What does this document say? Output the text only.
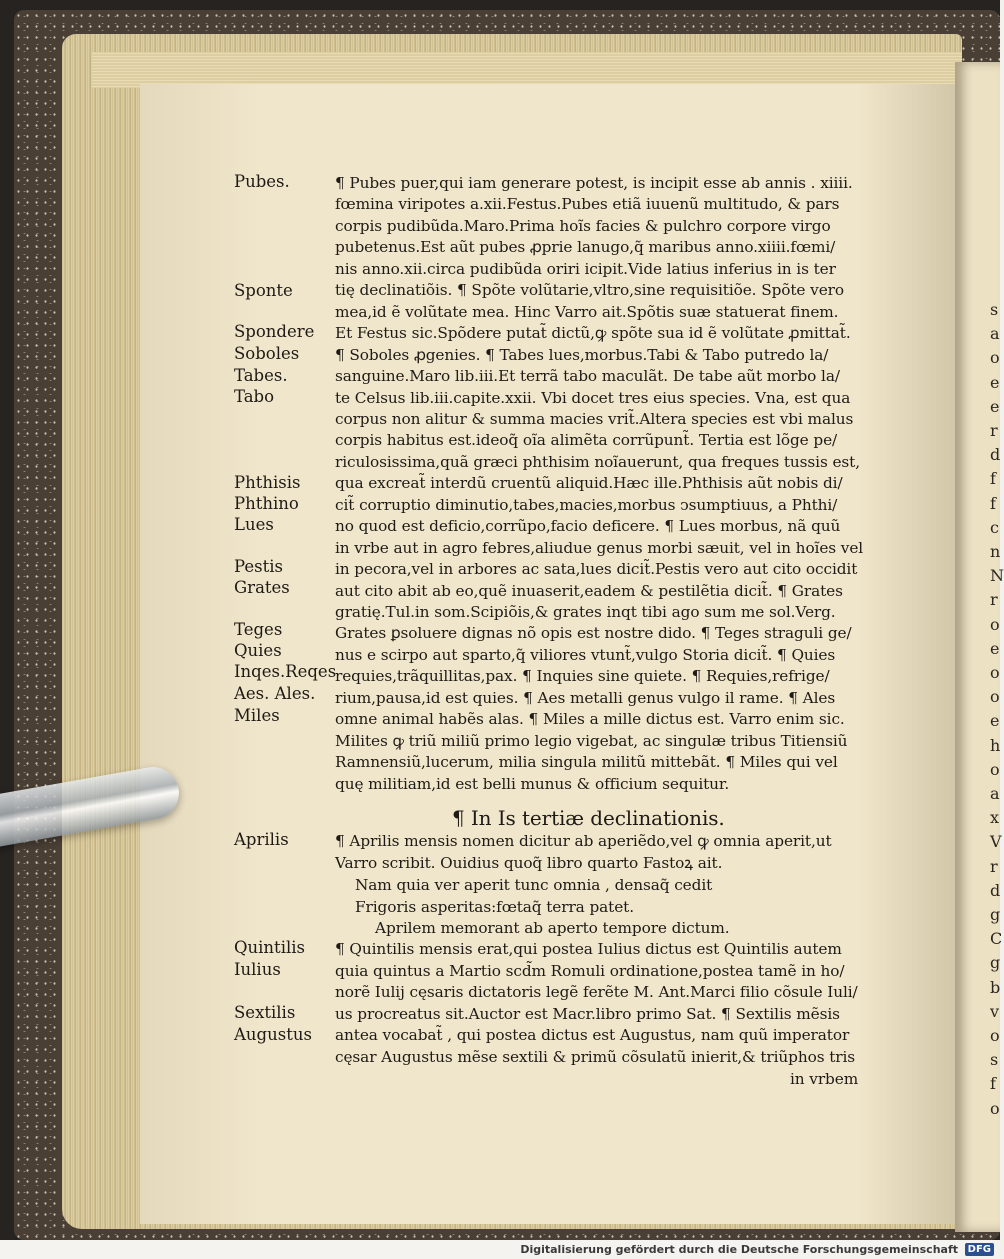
s
a
o
e
e
r
d
f
f
c
n
N
r
o
e
o
o
e
h
o
a
x
V
r
d
g
C
g
b
v
o
s
f
o
Pubes.
Sponte
Spondere
Soboles
Tabes.
Tabo
Phthisis
Phthino
Lues
Pestis
Grates
Teges
Quies
Inqes.Reqes
Aes. Ales.
Miles
Aprilis
Quintilis
Iulius
Sextilis
Augustus
¶ Pubes puer,qui iam generare potest, is incipit esse ab annis . xiiii.
fœmina viripotes a.xii.Festus.Pubes etiã iuuenũ multitudo, & pars
corpis pudibũda.Maro.Prima hoĩs facies & pulchro corpore virgo
pubetenus.Est aũt pubes ꝓprie lanugo,q̃ maribus anno.xiiii.fœmi/
nis anno.xii.circa pudibũda oriri icipit.Vide latius inferius in is ter
tię declinatiõis. ¶ Spõte volũtarie,vltro,sine requisitiõe. Spõte vero
mea,id ẽ volũtate mea. Hinc Varro ait.Spõtis suæ statuerat finem.
Et Festus sic.Spõdere putat̃ dictũ,ꝙ spõte sua id ẽ volũtate ꝓmittat̃.
¶ Soboles ꝓgenies. ¶ Tabes lues,morbus.Tabi & Tabo putredo la/
sanguine.Maro lib.iii.Et terrã tabo maculãt. De tabe aũt morbo la/
te Celsus lib.iii.capite.xxii. Vbi docet tres eius species. Vna, est qua
corpus non alitur & summa macies vrit̃.Altera species est vbi malus
corpis habitus est.ideoq̃ oĩa alimẽta corrũpunt̃. Tertia est lõge pe/
riculosissima,quã græci phthisim noĩauerunt, qua freques tussis est,
qua excreat̃ interdũ cruentũ aliquid.Hæc ille.Phthisis aũt nobis di/
cit̃ corruptio diminutio,tabes,macies,morbus ↄsumptiuus, a Phthi/
no quod est deficio,corrũpo,facio deficere. ¶ Lues morbus, nã quũ
in vrbe aut in agro febres,aliudue genus morbi sæuit, vel in hoĩes vel
in pecora,vel in arbores ac sata,lues dicit̃.Pestis vero aut cito occidit
aut cito abit ab eo,quẽ inuaserit,eadem & pestilẽtia dicit̃. ¶ Grates
gratię.Tul.in som.Scipiõis,& grates inqt tibi ago sum me sol.Verg.
Grates ꝑsoluere dignas nõ opis est nostre dido. ¶ Teges straguli ge/
nus e scirpo aut sparto,q̃ viliores vtunt̃,vulgo Storia dicit̃. ¶ Quies
requies,trãquillitas,pax. ¶ Inquies sine quiete. ¶ Requies,refrige/
rium,pausa,id est quies. ¶ Aes metalli genus vulgo il rame. ¶ Ales
omne animal habẽs alas. ¶ Miles a mille dictus est. Varro enim sic.
Milites ꝙ triũ miliũ primo legio vigebat, ac singulæ tribus Titiensiũ
Ramnensiũ,lucerum, milia singula militũ mittebãt. ¶ Miles qui vel
quę militiam,id est belli munus & officium sequitur.
¶ In Is tertiæ declinationis.
¶ Aprilis mensis nomen dicitur ab aperiẽdo,vel ꝙ omnia aperit,ut
Varro scribit. Ouidius quoq̃ libro quarto Fastoꝝ ait.
Nam quia ver aperit tunc omnia , densaq̃ cedit
Frigoris asperitas:fœtaq̃ terra patet.
Aprilem memorant ab aperto tempore dictum.
¶ Quintilis mensis erat,qui postea Iulius dictus est Quintilis autem
quia quintus a Martio scd̃m Romuli ordinatione,postea tamẽ in ho/
norẽ Iulij cęsaris dictatoris legẽ ferẽte M. Ant.Marci filio cõsule Iuli/
us procreatus sit.Auctor est Macr.libro primo Sat. ¶ Sextilis mẽsis
antea vocabat̃ , qui postea dictus est Augustus, nam quũ imperator
cęsar Augustus mẽse sextili & primũ cõsulatũ inierit,& triũphos tris
in vrbem
Digitalisierung gefördert durch die Deutsche Forschungsgemeinschaft DFG
